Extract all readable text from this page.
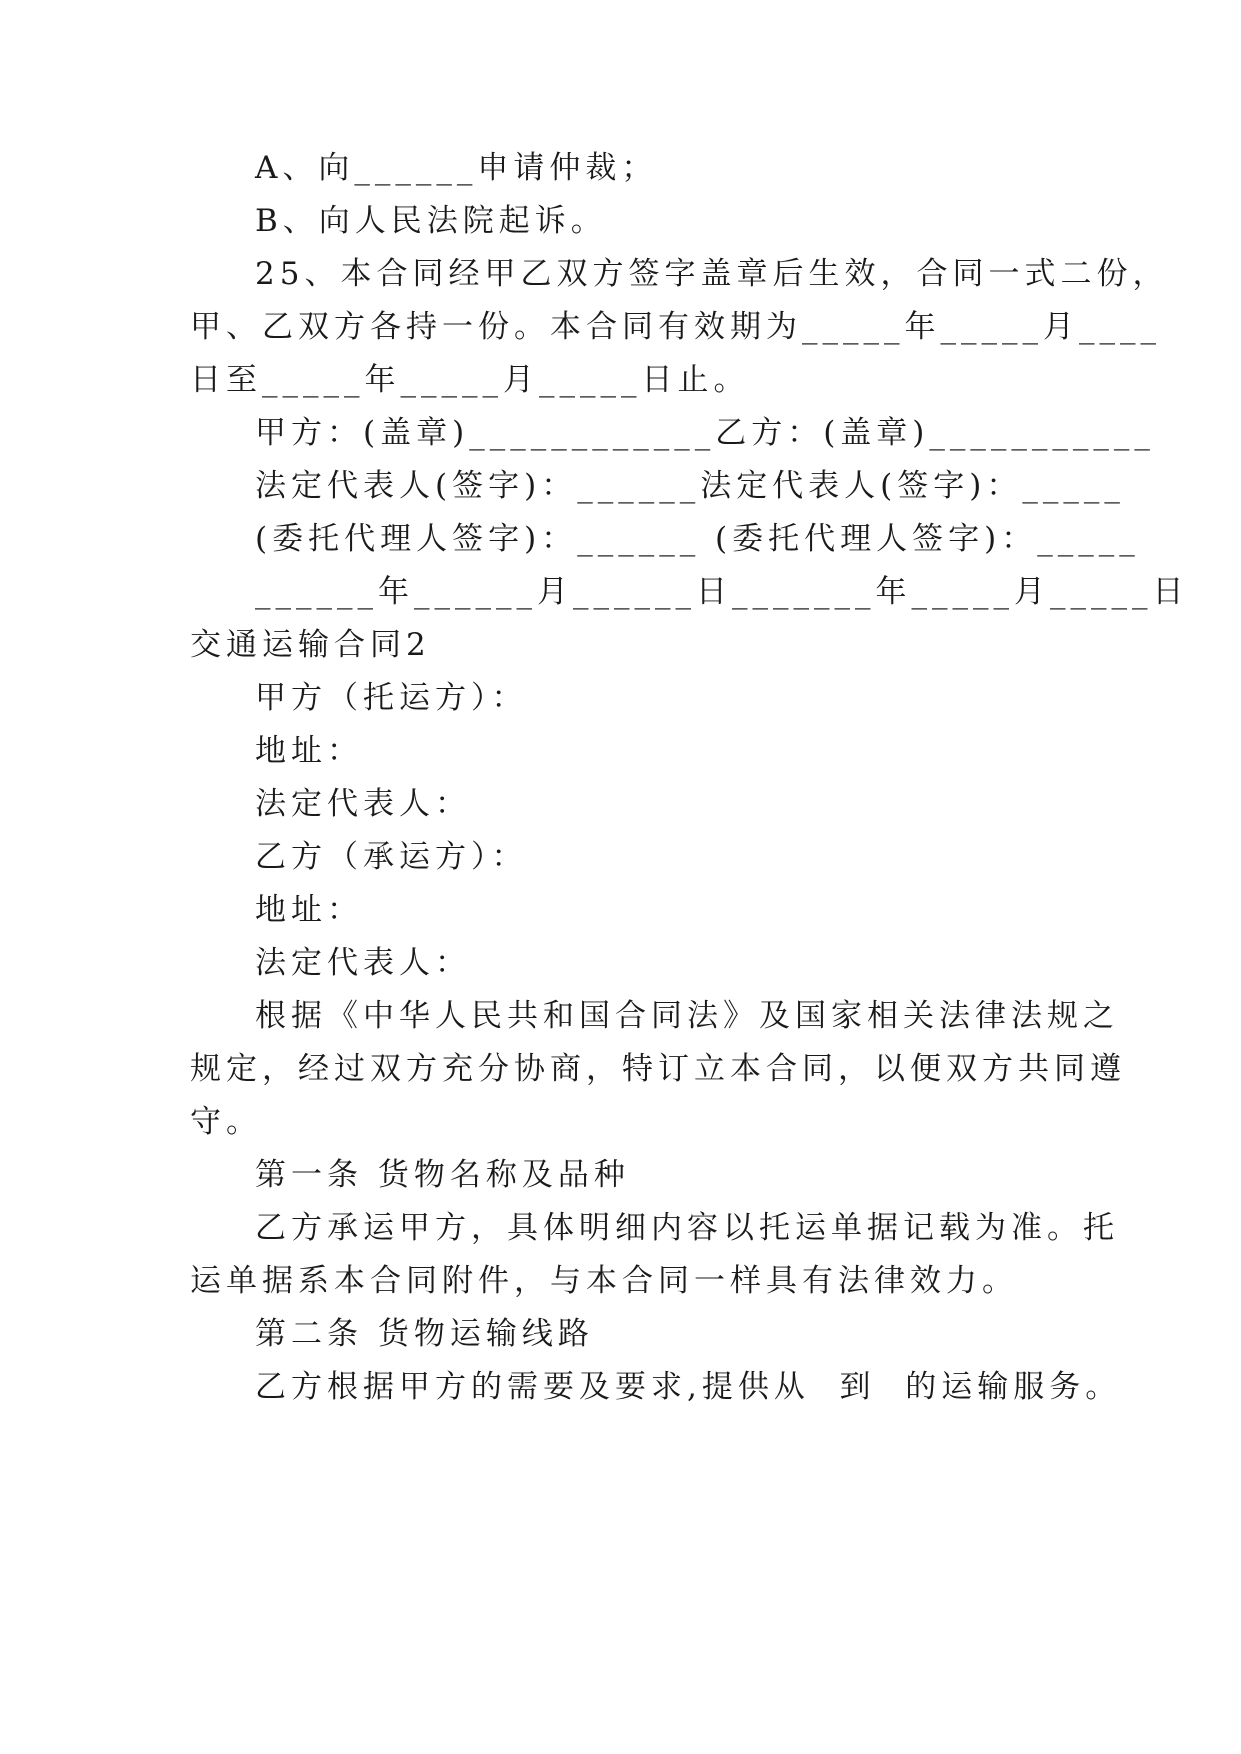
A、向______申请仲裁；
B、向人民法院起诉。
25、本合同经甲乙双方签字盖章后生效，合同一式二份，
甲、乙双方各持一份。本合同有效期为_____年_____月____
日至_____年_____月_____日止。
甲方：(盖章)____________乙方：(盖章)___________
法定代表人(签字)：______法定代表人(签字)：_____
(委托代理人签字)：______ (委托代理人签字)：_____
______年______月______日_______年_____月_____日
交通运输合同2
甲方（托运方）：
地址：
法定代表人：
乙方（承运方）：
地址：
法定代表人：
根据《中华人民共和国合同法》及国家相关法律法规之
规定，经过双方充分协商，特订立本合同，以便双方共同遵
守。
第一条 货物名称及品种
乙方承运甲方，具体明细内容以托运单据记载为准。托
运单据系本合同附件，与本合同一样具有法律效力。
第二条 货物运输线路
乙方根据甲方的需要及要求,提供从  到  的运输服务。
